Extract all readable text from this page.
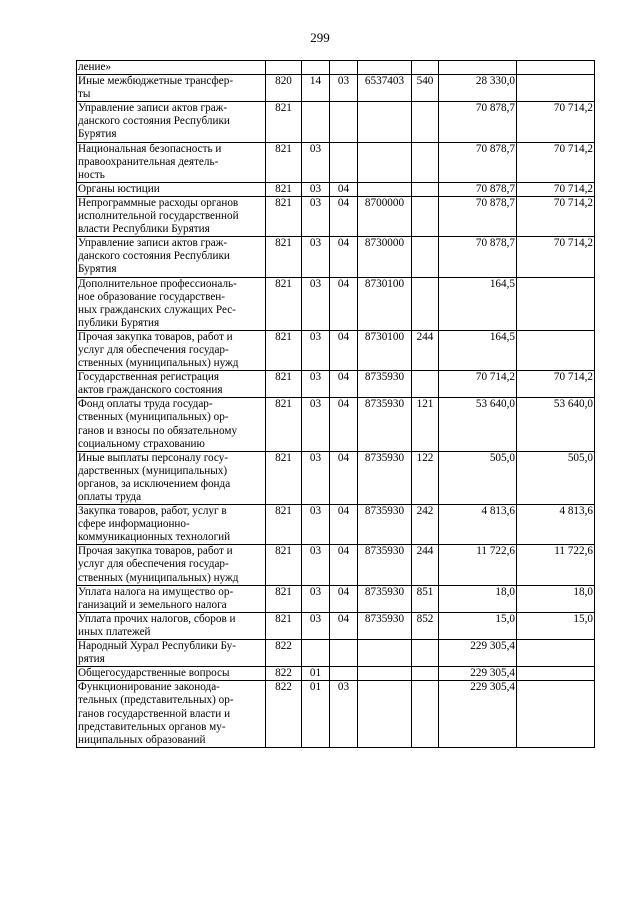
299
ление»							
Иные межбюджетные трансфер-
ты	820	14	03	6537403	540	28 330,0	
Управление записи актов граж-
данского состояния Республики
Бурятия	821					70 878,7	70 714,2
Национальная безопасность и
правоохранительная деятель-
ность	821	03				70 878,7	70 714,2
Органы юстиции	821	03	04			70 878,7	70 714,2
Непрограммные расходы органов
исполнительной государственной
власти Республики Бурятия	821	03	04	8700000		70 878,7	70 714,2
Управление записи актов граж-
данского состояния Республики
Бурятия	821	03	04	8730000		70 878,7	70 714,2
Дополнительное профессиональ-
ное образование государствен-
ных гражданских служащих Рес-
публики Бурятия	821	03	04	8730100		164,5	
Прочая закупка товаров, работ и
услуг для обеспечения государ-
ственных (муниципальных) нужд	821	03	04	8730100	244	164,5	
Государственная регистрация
актов гражданского состояния	821	03	04	8735930		70 714,2	70 714,2
Фонд оплаты труда государ-
ственных (муниципальных) ор-
ганов и взносы по обязательному
социальному страхованию	821	03	04	8735930	121	53 640,0	53 640,0
Иные выплаты персоналу госу-
дарственных (муниципальных)
органов, за исключением фонда
оплаты труда	821	03	04	8735930	122	505,0	505,0
Закупка товаров, работ, услуг в
сфере информационно-
коммуникационных технологий	821	03	04	8735930	242	4 813,6	4 813,6
Прочая закупка товаров, работ и
услуг для обеспечения государ-
ственных (муниципальных) нужд	821	03	04	8735930	244	11 722,6	11 722,6
Уплата налога на имущество ор-
ганизаций и земельного налога	821	03	04	8735930	851	18,0	18,0
Уплата прочих налогов, сборов и
иных платежей	821	03	04	8735930	852	15,0	15,0
Народный Хурал Республики Бу-
рятия	822					229 305,4	
Общегосударственные вопросы	822	01				229 305,4	
Функционирование законода-
тельных (представительных) ор-
ганов государственной власти и
представительных органов му-
ниципальных образований	822	01	03			229 305,4	
